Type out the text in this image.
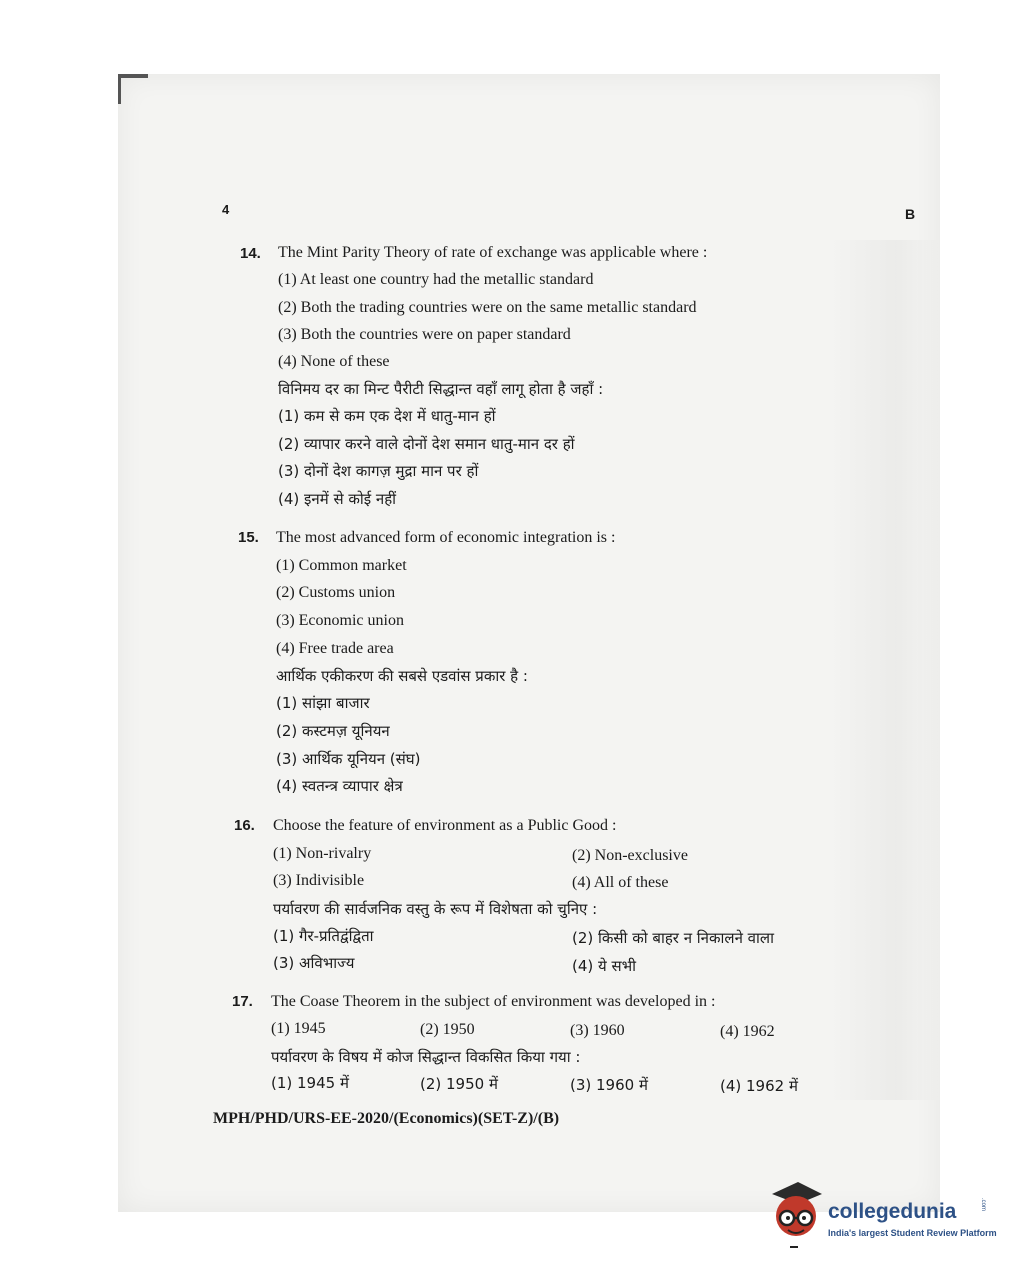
4	B
14. The Mint Parity Theory of rate of exchange was applicable where :
(1) At least one country had the metallic standard
(2) Both the trading countries were on the same metallic standard
(3) Both the countries were on paper standard
(4) None of these
विनिमय दर का मिन्ट पैरीटी सिद्धान्त वहाँ लागू होता है जहाँ :
(1) कम से कम एक देश में धातु-मान हों
(2) व्यापार करने वाले दोनों देश समान धातु-मान दर हों
(3) दोनों देश कागज़ मुद्रा मान पर हों
(4) इनमें से कोई नहीं
15. The most advanced form of economic integration is :
(1) Common market
(2) Customs union
(3) Economic union
(4) Free trade area
आर्थिक एकीकरण की सबसे एडवांस प्रकार है :
(1) सांझा बाजार
(2) कस्टमज़ यूनियन
(3) आर्थिक यूनियन (संघ)
(4) स्वतन्त्र व्यापार क्षेत्र
16. Choose the feature of environment as a Public Good :
(1) Non-rivalry	(2) Non-exclusive
(3) Indivisible	(4) All of these
पर्यावरण की सार्वजनिक वस्तु के रूप में विशेषता को चुनिए :
(1) गैर-प्रतिद्वंद्विता	(2) किसी को बाहर न निकालने वाला
(3) अविभाज्य	(4) ये सभी
17. The Coase Theorem in the subject of environment was developed in :
(1) 1945	(2) 1950	(3) 1960	(4) 1962
पर्यावरण के विषय में कोज सिद्धान्त विकसित किया गया :
(1) 1945 में	(2) 1950 में	(3) 1960 में	(4) 1962 में
MPH/PHD/URS-EE-2020/(Economics)(SET-Z)/(B)
collegedunia	.com
India's largest Student Review Platform
